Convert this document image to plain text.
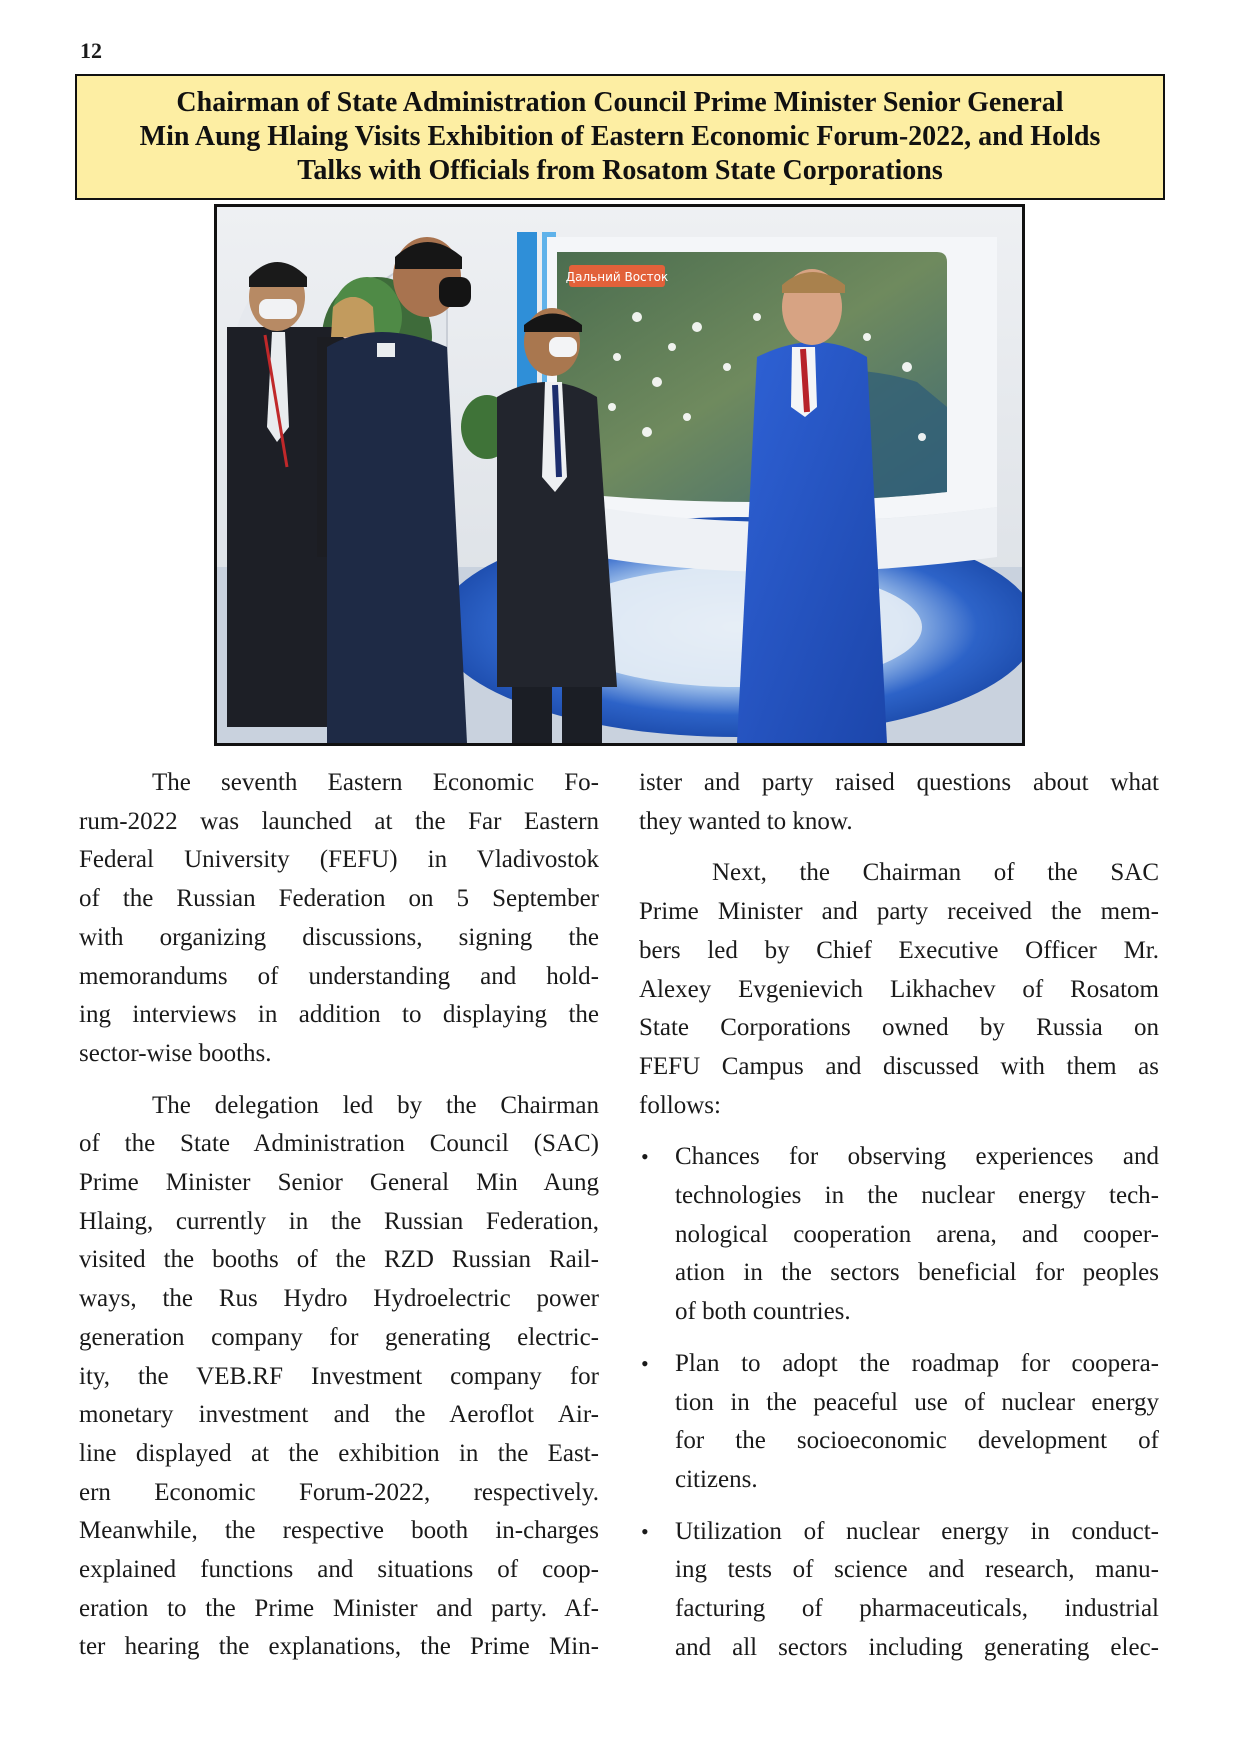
12
Chairman of State Administration Council Prime Minister Senior General
Min Aung Hlaing Visits Exhibition of Eastern Economic Forum-2022, and Holds
Talks with Officials from Rosatom State Corporations
Дальний Восток

The seventh Eastern Economic Fo-
rum-2022 was launched at the Far Eastern
Federal University (FEFU) in Vladivostok
of the Russian Federation on 5 September
with organizing discussions, signing the
memorandums of understanding and hold-
ing interviews in addition to displaying the
sector-wise booths.

The delegation led by the Chairman
of the State Administration Council (SAC)
Prime Minister Senior General Min Aung
Hlaing, currently in the Russian Federation,
visited the booths of the RZD Russian Rail-
ways, the Rus Hydro Hydroelectric power
generation company for generating electric-
ity, the VEB.RF Investment company for
monetary investment and the Aeroflot Air-
line displayed at the exhibition in the East-
ern Economic Forum-2022, respectively.
Meanwhile, the respective booth in-charges
explained functions and situations of coop-
eration to the Prime Minister and party. Af-
ter hearing the explanations, the Prime Min-

ister and party raised questions about what
they wanted to know.

Next, the Chairman of the SAC
Prime Minister and party received the mem-
bers led by Chief Executive Officer Mr.
Alexey Evgenievich Likhachev of Rosatom
State Corporations owned by Russia on
FEFU Campus and discussed with them as
follows:

• Chances for observing experiences and
technologies in the nuclear energy tech-
nological cooperation arena, and cooper-
ation in the sectors beneficial for peoples
of both countries.
• Plan to adopt the roadmap for coopera-
tion in the peaceful use of nuclear energy
for the socioeconomic development of
citizens.
• Utilization of nuclear energy in conduct-
ing tests of science and research, manu-
facturing of pharmaceuticals, industrial
and all sectors including generating elec-
